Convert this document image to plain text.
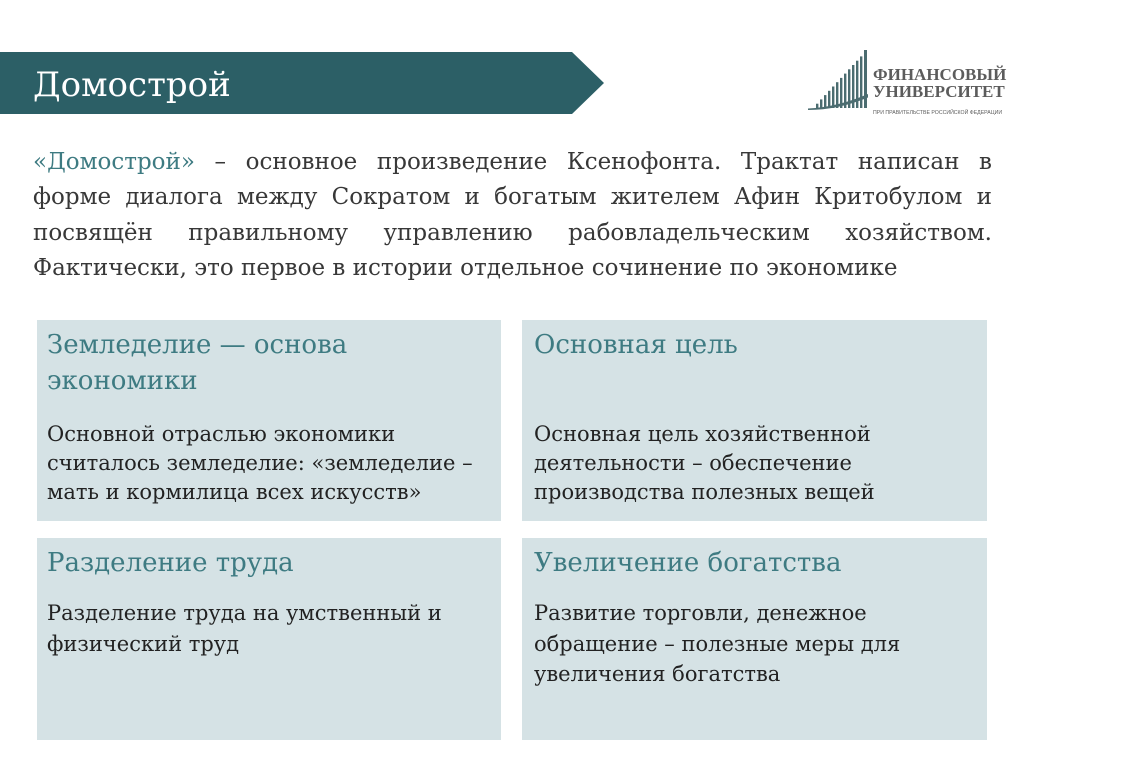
Домострой	ФИНАНСОВЫЙ
УНИВЕРСИТЕТ
ПРИ ПРАВИТЕЛЬСТВЕ РОССИЙСКОЙ ФЕДЕРАЦИИ
«Домострой» – основное произведение Ксенофонта. Трактат написан в
форме диалога между Сократом и богатым жителем Афин Критобулом и
посвящён правильному управлению рабовладельческим хозяйством.
Фактически, это первое в истории отдельное сочинение по экономике
Земледелие — основа
экономики
Основной отраслью экономики
считалось земледелие: «земледелие –
мать и кормилица всех искусств»
Основная цель
Основная цель хозяйственной
деятельности – обеспечение
производства полезных вещей
Разделение труда
Разделение труда на умственный и
физический труд
Увеличение богатства
Развитие торговли, денежное
обращение – полезные меры для
увеличения богатства
